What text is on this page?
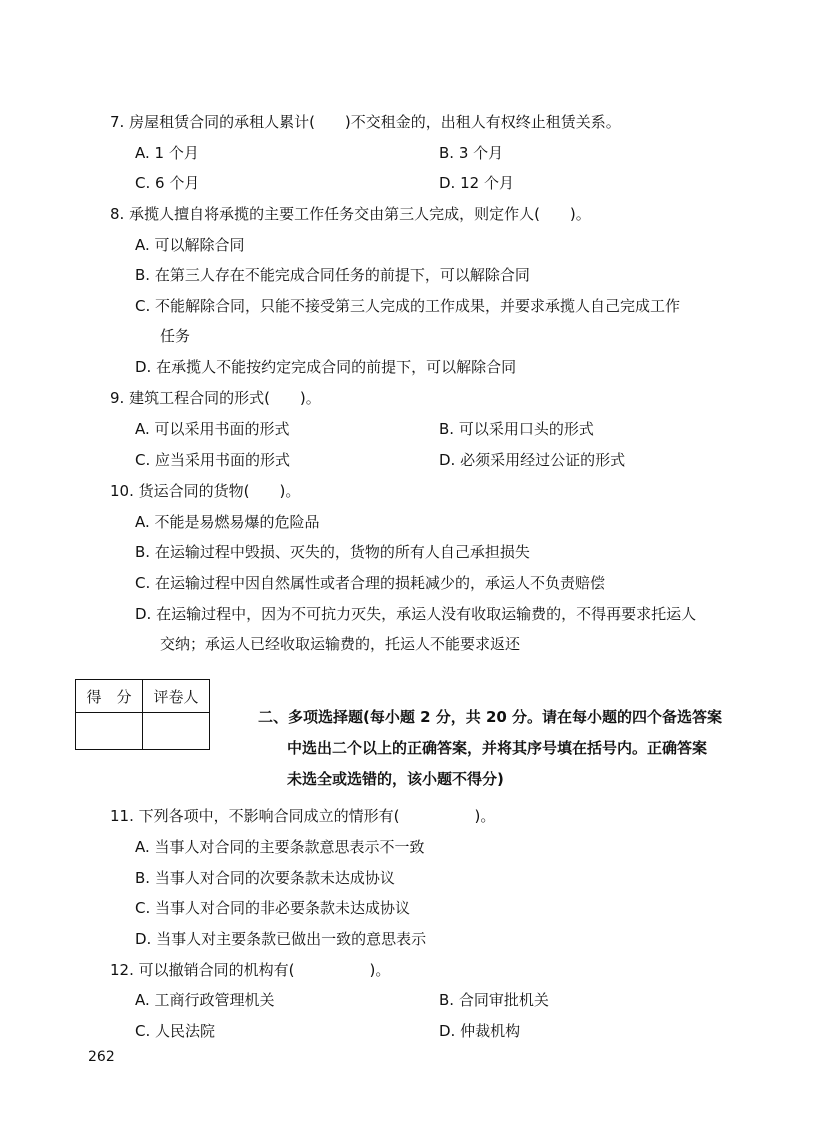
7. 房屋租赁合同的承租人累计(　　)不交租金的，出租人有权终止租赁关系。
A. 1 个月	B. 3 个月
C. 6 个月	D. 12 个月
8. 承揽人擅自将承揽的主要工作任务交由第三人完成，则定作人(　　)。
A. 可以解除合同
B. 在第三人存在不能完成合同任务的前提下，可以解除合同
C. 不能解除合同，只能不接受第三人完成的工作成果，并要求承揽人自己完成工作
任务
D. 在承揽人不能按约定完成合同的前提下，可以解除合同
9. 建筑工程合同的形式(　　)。
A. 可以采用书面的形式	B. 可以采用口头的形式
C. 应当采用书面的形式	D. 必须采用经过公证的形式
10. 货运合同的货物(　　)。
A. 不能是易燃易爆的危险品
B. 在运输过程中毁损、灭失的，货物的所有人自己承担损失
C. 在运输过程中因自然属性或者合理的损耗减少的，承运人不负责赔偿
D. 在运输过程中，因为不可抗力灭失，承运人没有收取运输费的，不得再要求托运人
交纳；承运人已经收取运输费的，托运人不能要求返还
得　分	评卷人

二、多项选择题(每小题 2 分，共 20 分。请在每小题的四个备选答案
中选出二个以上的正确答案，并将其序号填在括号内。正确答案
未选全或选错的，该小题不得分)
11. 下列各项中，不影响合同成立的情形有(　　　　　)。
A. 当事人对合同的主要条款意思表示不一致
B. 当事人对合同的次要条款未达成协议
C. 当事人对合同的非必要条款未达成协议
D. 当事人对主要条款已做出一致的意思表示
12. 可以撤销合同的机构有(　　　　　)。
A. 工商行政管理机关	B. 合同审批机关
C. 人民法院	D. 仲裁机构
262
